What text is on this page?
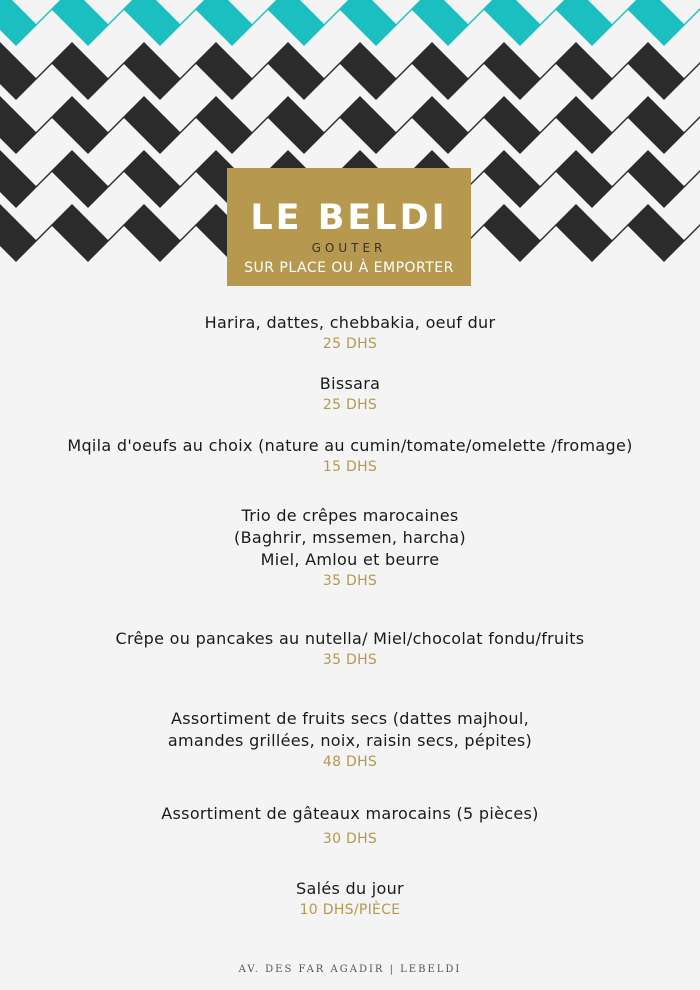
LE BELDI
GOUTER
SUR PLACE OU À EMPORTER
Harira, dattes, chebbakia, oeuf dur
25 DHS
Bissara
25 DHS
Mqila d'oeufs au choix (nature au cumin/tomate/omelette /fromage)
15 DHS
Trio de crêpes marocaines
(Baghrir, mssemen, harcha)
Miel, Amlou et beurre
35 DHS
Crêpe ou pancakes au nutella/ Miel/chocolat fondu/fruits
35 DHS
Assortiment de fruits secs (dattes majhoul,
amandes grillées, noix, raisin secs, pépites)
48 DHS
Assortiment de gâteaux marocains (5 pièces)
30 DHS
Salés du jour
10 DHS/PIÈCE
AV. DES FAR AGADIR | LEBELDI
